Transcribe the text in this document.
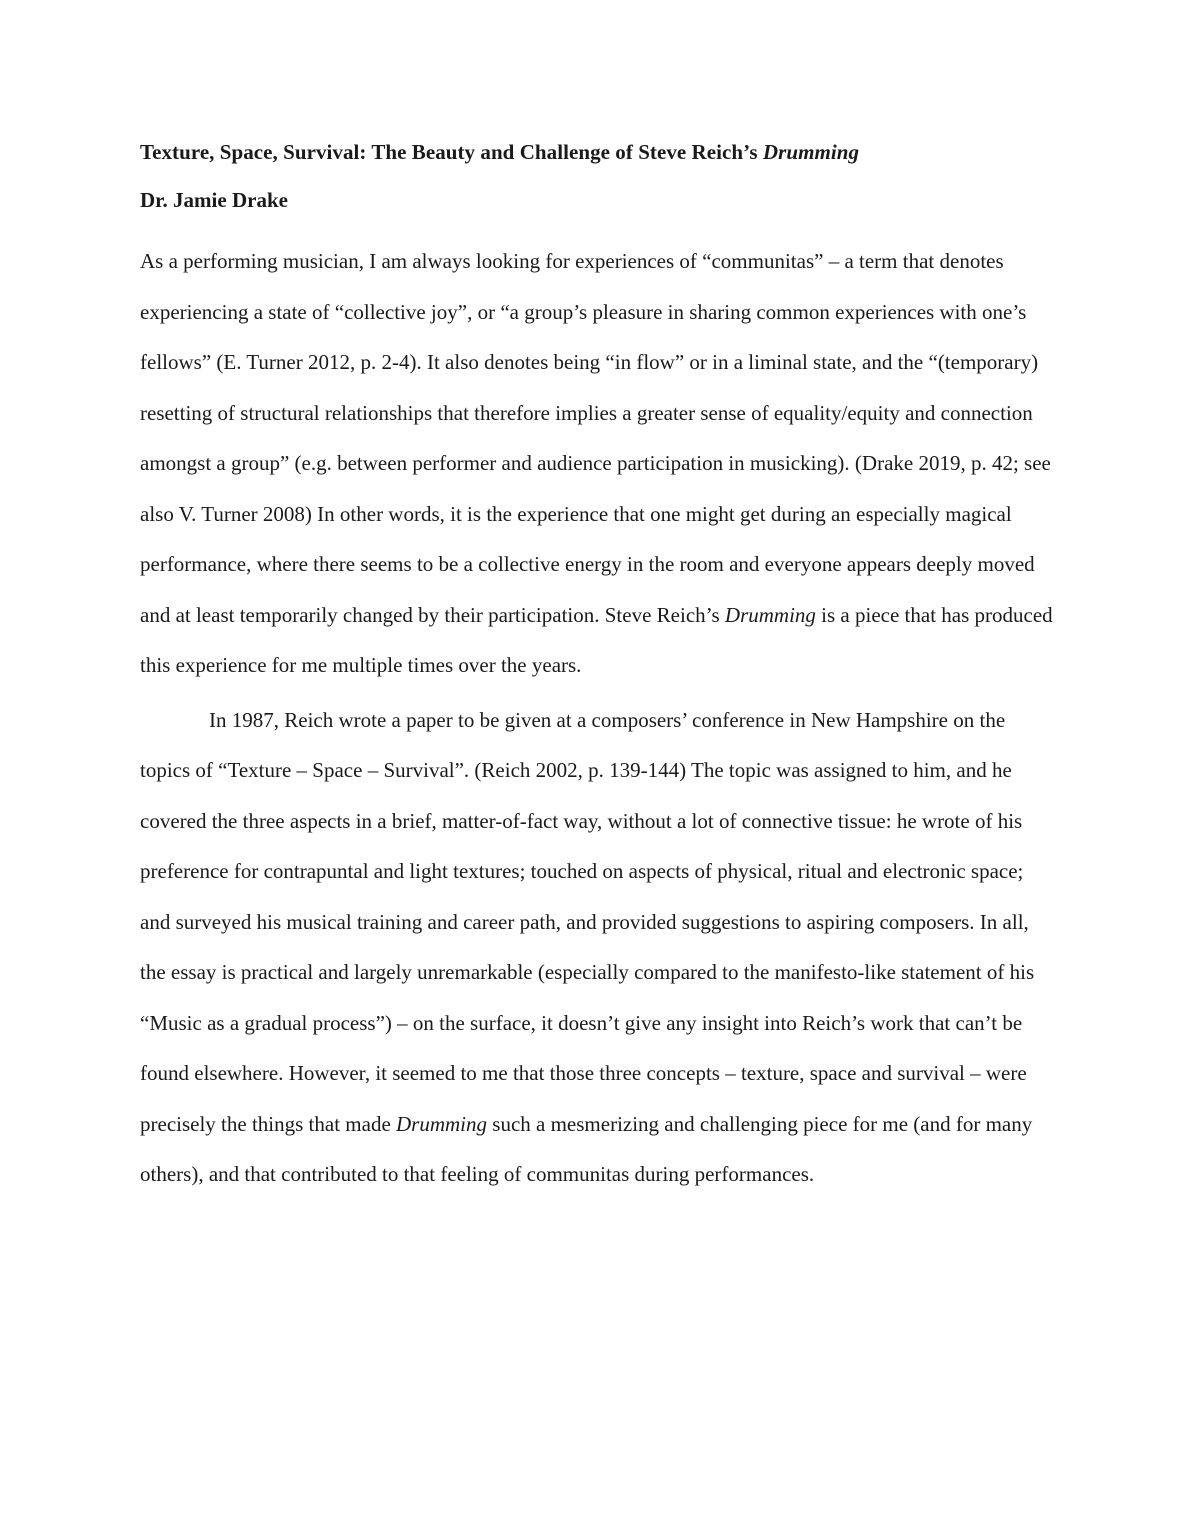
Texture, Space, Survival: The Beauty and Challenge of Steve Reich’s Drumming

Dr. Jamie Drake

As a performing musician, I am always looking for experiences of “communitas” – a term that denotes experiencing a state of “collective joy”, or “a group’s pleasure in sharing common experiences with one’s fellows” (E. Turner 2012, p. 2-4). It also denotes being “in flow” or in a liminal state, and the “(temporary) resetting of structural relationships that therefore implies a greater sense of equality/equity and connection amongst a group” (e.g. between performer and audience participation in musicking). (Drake 2019, p. 42; see also V. Turner 2008) In other words, it is the experience that one might get during an especially magical performance, where there seems to be a collective energy in the room and everyone appears deeply moved and at least temporarily changed by their participation. Steve Reich’s Drumming is a piece that has produced this experience for me multiple times over the years.

In 1987, Reich wrote a paper to be given at a composers’ conference in New Hampshire on the topics of “Texture – Space – Survival”. (Reich 2002, p. 139-144) The topic was assigned to him, and he covered the three aspects in a brief, matter-of-fact way, without a lot of connective tissue: he wrote of his preference for contrapuntal and light textures; touched on aspects of physical, ritual and electronic space; and surveyed his musical training and career path, and provided suggestions to aspiring composers. In all, the essay is practical and largely unremarkable (especially compared to the manifesto-like statement of his “Music as a gradual process”) – on the surface, it doesn’t give any insight into Reich’s work that can’t be found elsewhere. However, it seemed to me that those three concepts – texture, space and survival – were precisely the things that made Drumming such a mesmerizing and challenging piece for me (and for many others), and that contributed to that feeling of communitas during performances.
